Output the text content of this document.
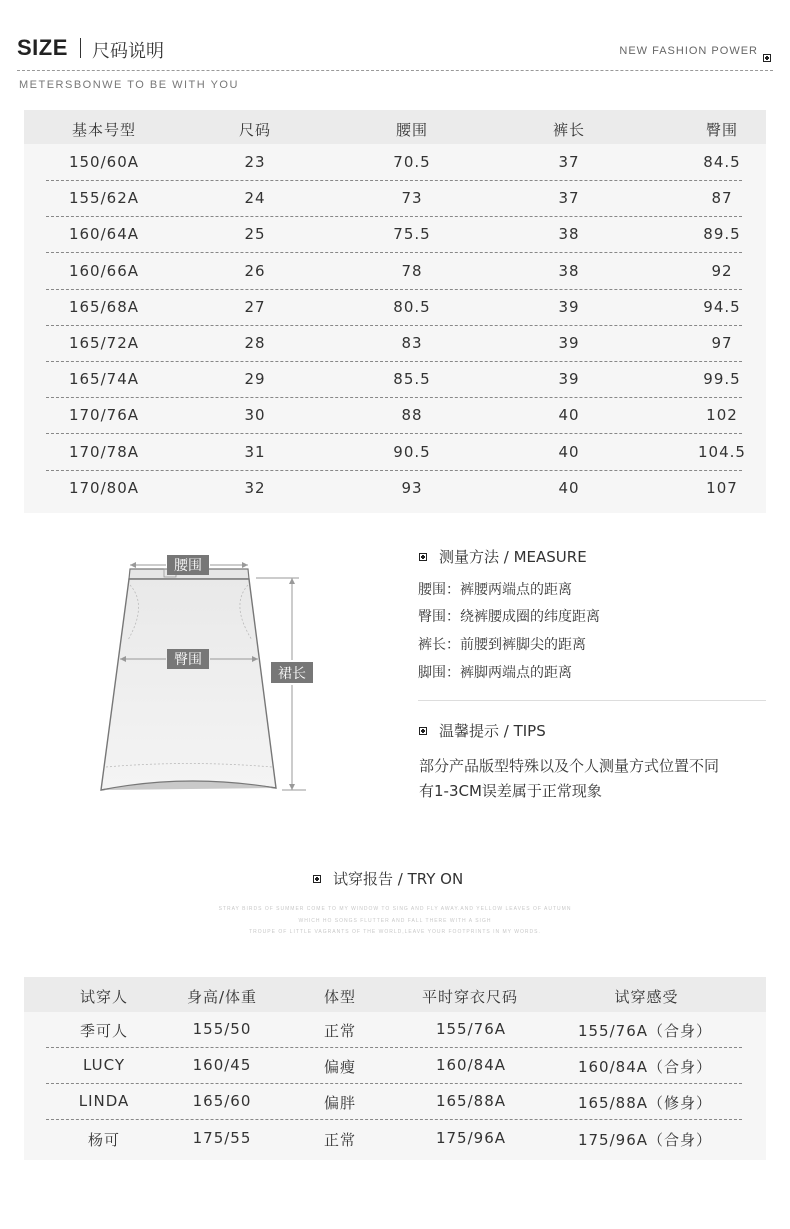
SIZE 尺码说明	NEW FASHION POWER
METERSBONWE TO BE WITH YOU
基本号型	尺码	腰围	裤长	臀围
150/60A	23	70.5	37	84.5
155/62A	24	73	37	87
160/64A	25	75.5	38	89.5
160/66A	26	78	38	92
165/68A	27	80.5	39	94.5
165/72A	28	83	39	97
165/74A	29	85.5	39	99.5
170/76A	30	88	40	102
170/78A	31	90.5	40	104.5
170/80A	32	93	40	107
腰围
臀围
裙长
测量方法 / MEASURE
腰围：裤腰两端点的距离
臀围：绕裤腰成圈的纬度距离
裤长：前腰到裤脚尖的距离
脚围：裤脚两端点的距离
温馨提示 / TIPS
部分产品版型特殊以及个人测量方式位置不同
有1-3CM误差属于正常现象
试穿报告 / TRY ON
STRAY BIRDS OF SUMMER COME TO MY WINDOW TO SING AND FLY AWAY.AND YELLOW LEAVES OF AUTUMN
WHICH HO SONGS FLUTTER AND FALL THERE WITH A SIGH
TROUPE OF LITTLE VAGRANTS OF THE WORLD,LEAVE YOUR FOOTPRINTS IN MY WORDS.
试穿人	身高/体重	体型	平时穿衣尺码	试穿感受
季可人	155/50	正常	155/76A	155/76A（合身）
LUCY	160/45	偏瘦	160/84A	160/84A（合身）
LINDA	165/60	偏胖	165/88A	165/88A（修身）
杨可	175/55	正常	175/96A	175/96A（合身）
